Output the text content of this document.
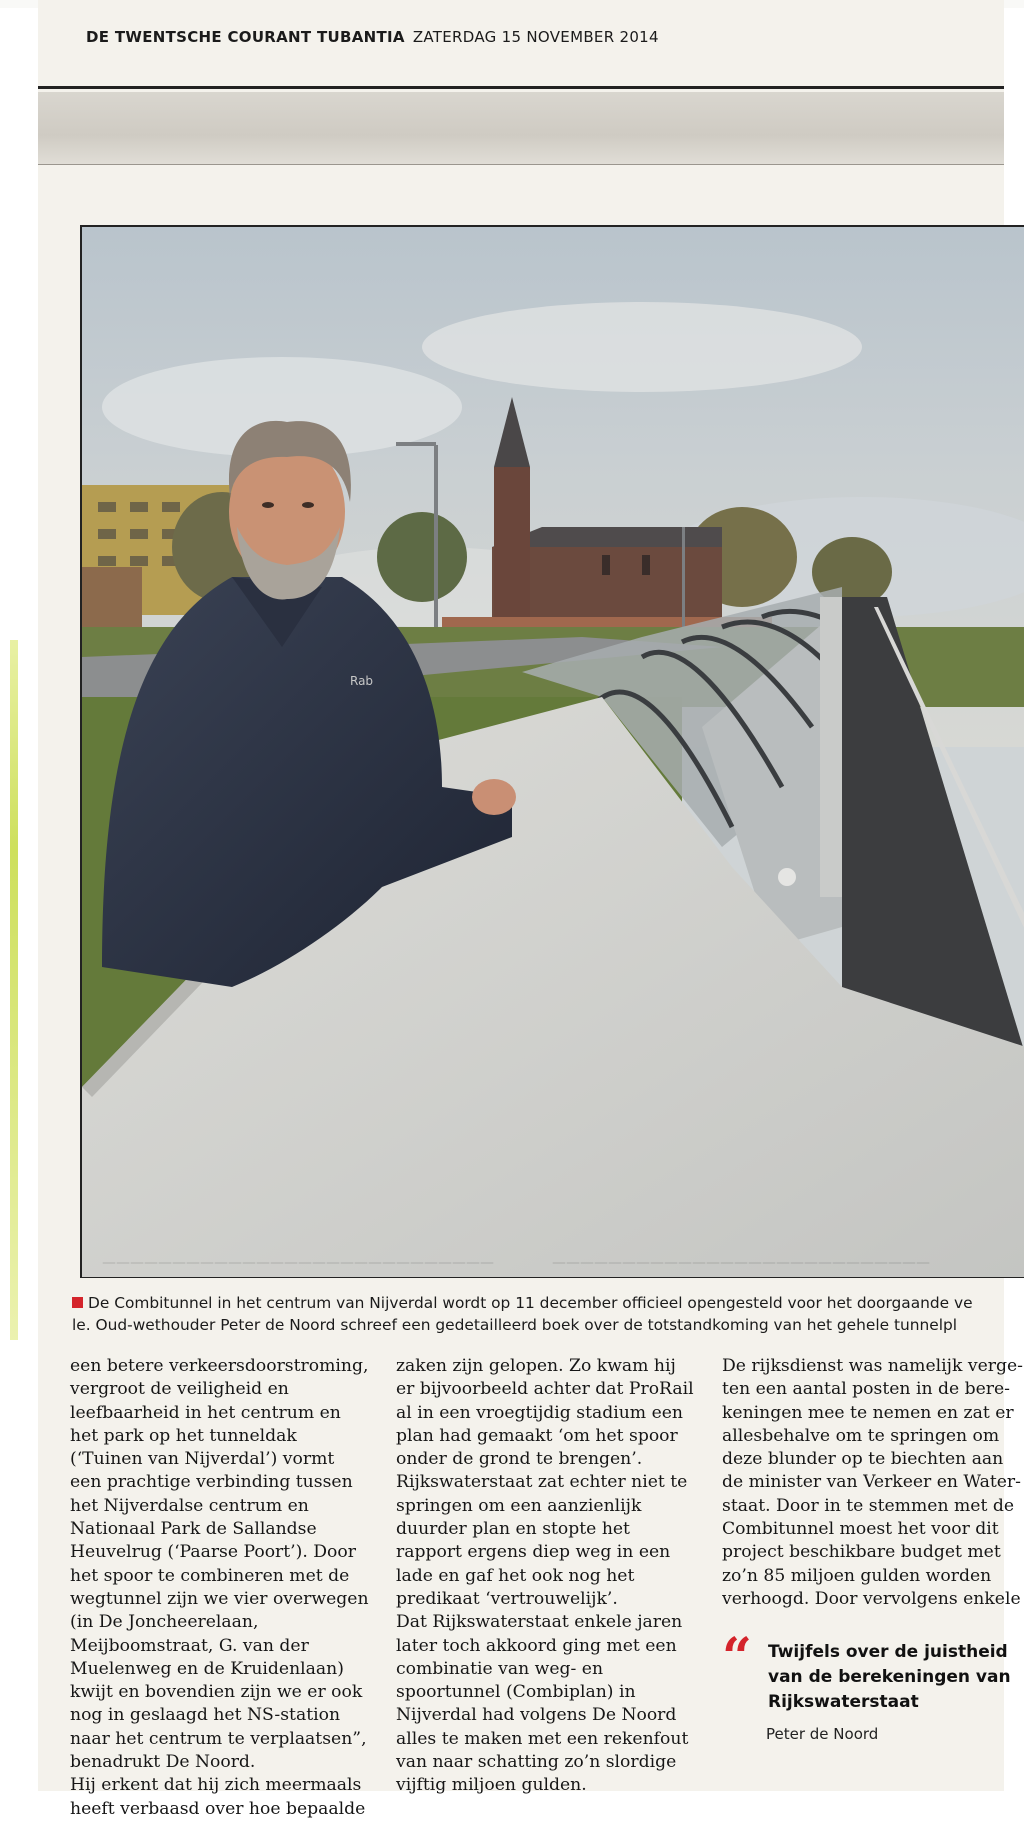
DE TWENTSCHE COURANT TUBANTIA ZATERDAG 15 NOVEMBER 2014
Rab
————————————————————————————	———————————————————————————
De Combitunnel in het centrum van Nijverdal wordt op 11 december officieel opengesteld voor het doorgaande ve
le. Oud-wethouder Peter de Noord schreef een gedetailleerd boek over de totstandkoming van het gehele tunnelpl

een betere verkeersdoorstroming, vergroot de veiligheid en leefbaarheid in het centrum en het park op het tunneldak (‘Tuinen van Nijverdal’) vormt een prachtige verbinding tussen het Nijverdalse centrum en Nationaal Park de Sallandse Heuvelrug (‘Paarse Poort’). Door het spoor te combineren met de wegtunnel zijn we vier overwegen (in De Joncheerelaan, Meijboomstraat, G. van der Muelenweg en de Kruidenlaan) kwijt en bovendien zijn we er ook nog in geslaagd het NS-station naar het centrum te verplaatsen”, benadrukt De Noord.

Hij erkent dat hij zich meermaals heeft verbaasd over hoe bepaalde

zaken zijn gelopen. Zo kwam hij er bijvoorbeeld achter dat ProRail al in een vroegtijdig stadium een plan had gemaakt ‘om het spoor onder de grond te brengen’. Rijkswaterstaat zat echter niet te springen om een aanzienlijk duurder plan en stopte het rapport ergens diep weg in een lade en gaf het ook nog het predikaat ‘vertrouwelijk’.

Dat Rijkswaterstaat enkele jaren later toch akkoord ging met een combinatie van weg- en spoortunnel (Combiplan) in Nijverdal had volgens De Noord alles te maken met een rekenfout van naar schatting zo’n slordige vijftig miljoen gulden.

De rijksdienst was namelijk verge-
ten een aantal posten in de bere-
keningen mee te nemen en zat er
allesbehalve om te springen om
deze blunder op te biechten aan
de minister van Verkeer en Water-
staat. Door in te stemmen met de
Combitunnel moest het voor dit
project beschikbare budget met
zo’n 85 miljoen gulden worden
verhoogd. Door vervolgens enkele
“ Twijfels over de juistheid van de berekeningen van Rijkswaterstaat
Peter de Noord
